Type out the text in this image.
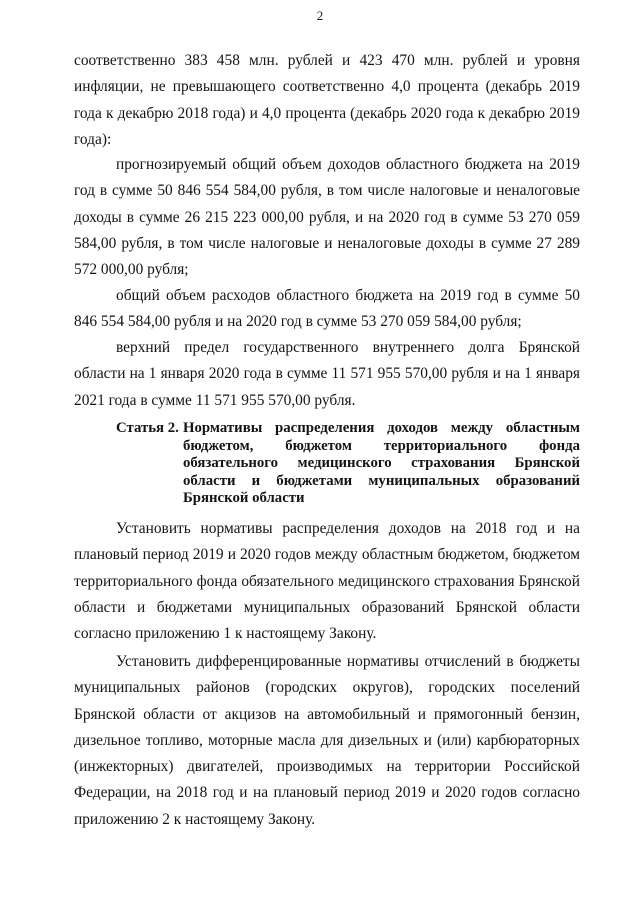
2

соответственно 383 458 млн. рублей и 423 470 млн. рублей и уровня инфляции, не превышающего соответственно 4,0 процента (декабрь 2019 года к декабрю 2018 года) и 4,0 процента (декабрь 2020 года к декабрю 2019 года):

прогнозируемый общий объем доходов областного бюджета на 2019 год в сумме 50 846 554 584,00 рубля, в том числе налоговые и неналоговые доходы в сумме 26 215 223 000,00 рубля, и на 2020 год в сумме 53 270 059 584,00 рубля, в том числе налоговые и неналоговые доходы в сумме 27 289 572 000,00 рубля;

общий объем расходов областного бюджета на 2019 год в сумме 50 846 554 584,00 рубля и на 2020 год в сумме 53 270 059 584,00 рубля;

верхний предел государственного внутреннего долга Брянской области на 1 января 2020 года в сумме 11 571 955 570,00 рубля и на 1 января 2021 года в сумме 11 571 955 570,00 рубля.

Статья 2. Нормативы распределения доходов между областным бюджетом, бюджетом территориального фонда обязательного медицинского страхования Брянской области и бюджетами муниципальных образований Брянской области

Установить нормативы распределения доходов на 2018 год и на плановый период 2019 и 2020 годов между областным бюджетом, бюджетом территориального фонда обязательного медицинского страхования Брянской области и бюджетами муниципальных образований Брянской области согласно приложению 1 к настоящему Закону.

Установить дифференцированные нормативы отчислений в бюджеты муниципальных районов (городских округов), городских поселений Брянской области от акцизов на автомобильный и прямогонный бензин, дизельное топливо, моторные масла для дизельных и (или) карбюраторных (инжекторных) двигателей, производимых на территории Российской Федерации, на 2018 год и на плановый период 2019 и 2020 годов согласно приложению 2 к настоящему Закону.
